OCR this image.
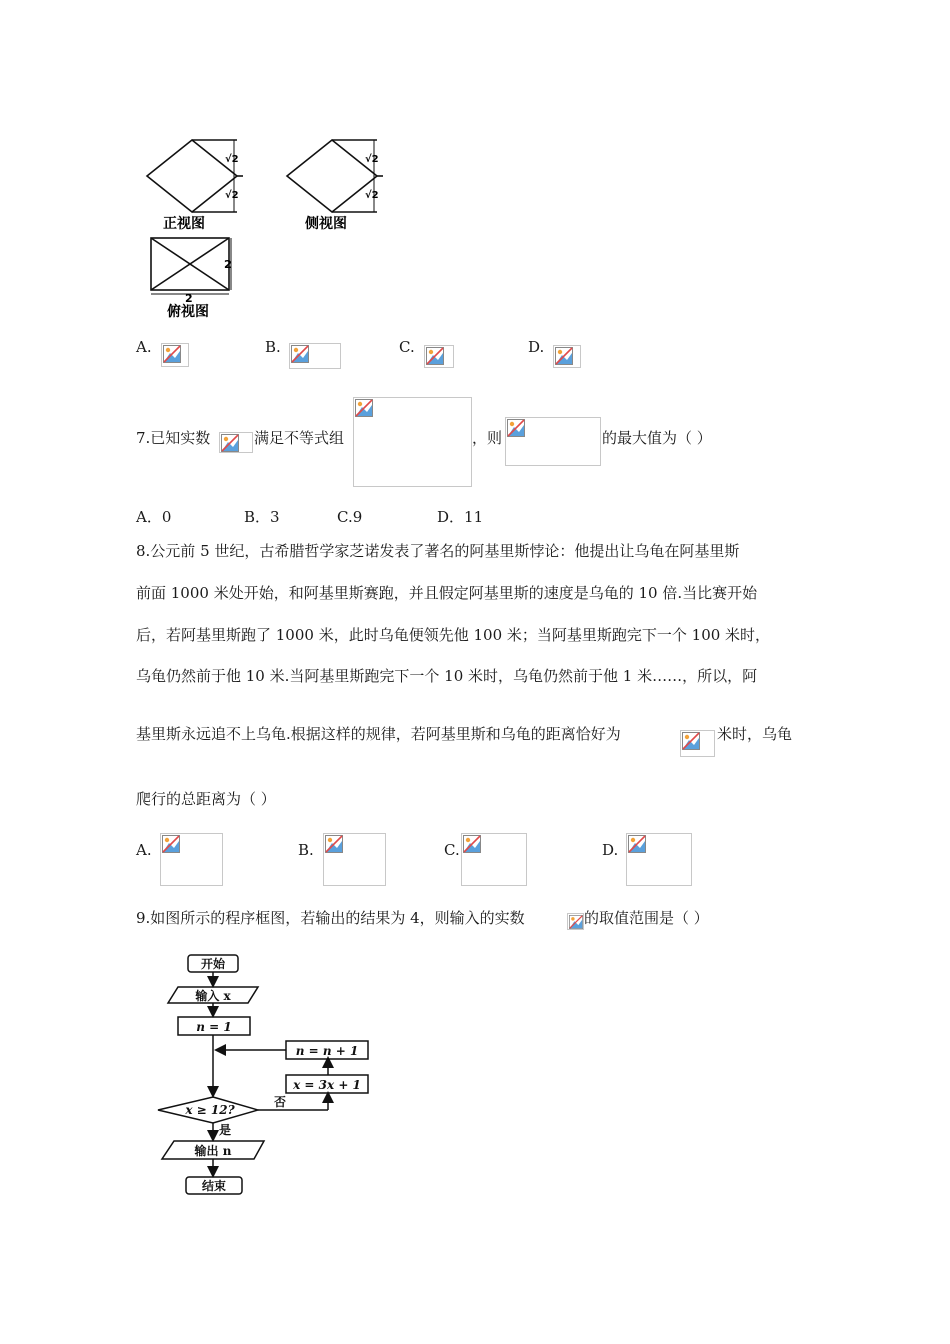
√2
√2
正视图
√2
√2
侧视图
2
2
俯视图
A.	B.	C.	D.
7.已知实数	满足不等式组	，则	的最大值为（ ）
A．0	B．3	C.9	D．11
8.公元前 5 世纪，古希腊哲学家芝诺发表了著名的阿基里斯悖论：他提出让乌龟在阿基里斯
前面 1000 米处开始，和阿基里斯赛跑，并且假定阿基里斯的速度是乌龟的 10 倍.当比赛开始
后，若阿基里斯跑了 1000 米，此时乌龟便领先他 100 米；当阿基里斯跑完下一个 100 米时，
乌龟仍然前于他 10 米.当阿基里斯跑完下一个 10 米时，乌龟仍然前于他 1 米……，所以，阿
基里斯永远追不上乌龟.根据这样的规律，若阿基里斯和乌龟的距离恰好为	米时，乌龟
爬行的总距离为（ ）
A.	B.	C.	D.
9.如图所示的程序框图，若输出的结果为 4，则输入的实数	的取值范围是（ ）
开始
输入 x
n = 1
n = n + 1
x = 3x + 1
x ≥ 12?
否
是
输出 n
结束
